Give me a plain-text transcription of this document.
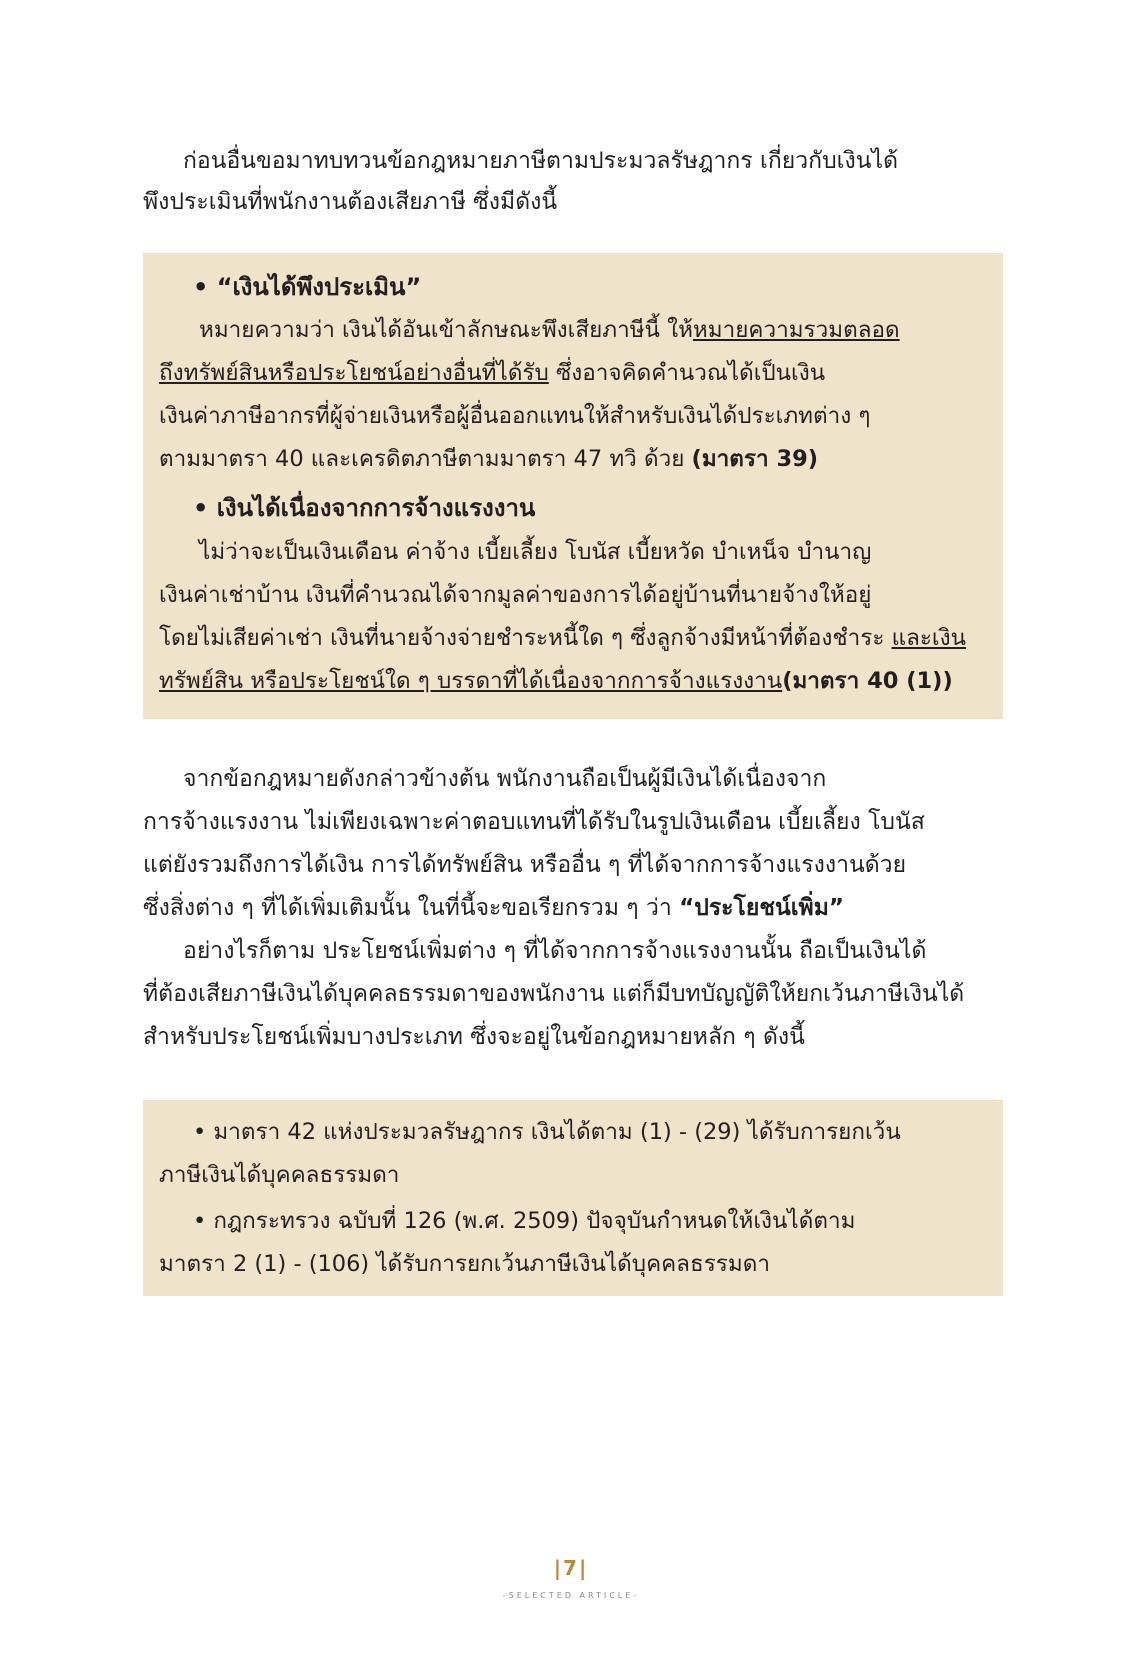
ก่อนอื่นขอมาทบทวนข้อกฎหมายภาษีตามประมวลรัษฎากร เกี่ยวกับเงินได้
พึงประเมินที่พนักงานต้องเสียภาษี ซึ่งมีดังนี้
• “เงินได้พึงประเมิน”
หมายความว่า เงินได้อันเข้าลักษณะพึงเสียภาษีนี้ ให้หมายความรวมตลอด
ถึงทรัพย์สินหรือประโยชน์อย่างอื่นที่ได้รับ ซึ่งอาจคิดคำนวณได้เป็นเงิน
เงินค่าภาษีอากรที่ผู้จ่ายเงินหรือผู้อื่นออกแทนให้สำหรับเงินได้ประเภทต่าง ๆ
ตามมาตรา 40 และเครดิตภาษีตามมาตรา 47 ทวิ ด้วย (มาตรา 39)
• เงินได้เนื่องจากการจ้างแรงงาน
ไม่ว่าจะเป็นเงินเดือน ค่าจ้าง เบี้ยเลี้ยง โบนัส เบี้ยหวัด บำเหน็จ บำนาญ
เงินค่าเช่าบ้าน เงินที่คำนวณได้จากมูลค่าของการได้อยู่บ้านที่นายจ้างให้อยู่
โดยไม่เสียค่าเช่า เงินที่นายจ้างจ่ายชำระหนี้ใด ๆ ซึ่งลูกจ้างมีหน้าที่ต้องชำระ และเงิน
ทรัพย์สิน หรือประโยชน์ใด ๆ บรรดาที่ได้เนื่องจากการจ้างแรงงาน(มาตรา 40 (1))
จากข้อกฎหมายดังกล่าวข้างต้น พนักงานถือเป็นผู้มีเงินได้เนื่องจาก
การจ้างแรงงาน ไม่เพียงเฉพาะค่าตอบแทนที่ได้รับในรูปเงินเดือน เบี้ยเลี้ยง โบนัส
แต่ยังรวมถึงการได้เงิน การได้ทรัพย์สิน หรืออื่น ๆ ที่ได้จากการจ้างแรงงานด้วย
ซึ่งสิ่งต่าง ๆ ที่ได้เพิ่มเติมนั้น ในที่นี้จะขอเรียกรวม ๆ ว่า “ประโยชน์เพิ่ม”
อย่างไรก็ตาม ประโยชน์เพิ่มต่าง ๆ ที่ได้จากการจ้างแรงงานนั้น ถือเป็นเงินได้
ที่ต้องเสียภาษีเงินได้บุคคลธรรมดาของพนักงาน แต่ก็มีบทบัญญัติให้ยกเว้นภาษีเงินได้
สำหรับประโยชน์เพิ่มบางประเภท ซึ่งจะอยู่ในข้อกฎหมายหลัก ๆ ดังนี้
• มาตรา 42 แห่งประมวลรัษฎากร เงินได้ตาม (1) - (29) ได้รับการยกเว้น
ภาษีเงินได้บุคคลธรรมดา
• กฎกระทรวง ฉบับที่ 126 (พ.ศ. 2509) ปัจจุบันกำหนดให้เงินได้ตาม
มาตรา 2 (1) - (106) ได้รับการยกเว้นภาษีเงินได้บุคคลธรรมดา
|7|
-SELECTED ARTICLE-
